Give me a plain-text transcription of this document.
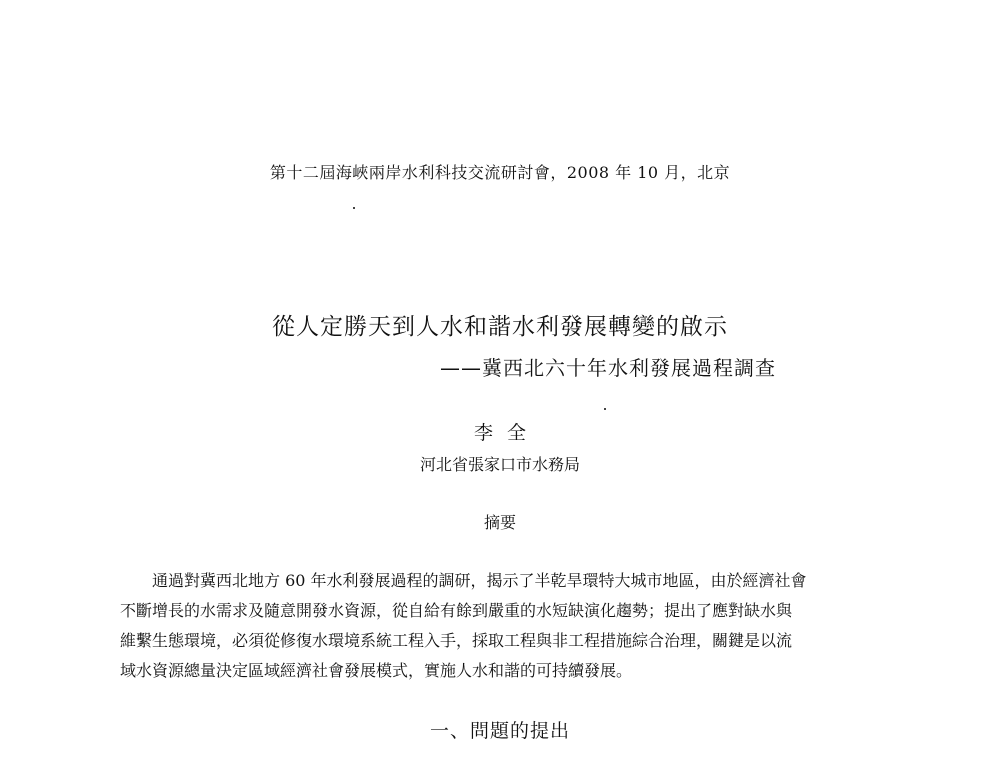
第十二屆海峽兩岸水利科技交流研討會，2008 年 10 月，北京
從人定勝天到人水和諧水利發展轉變的啟示
——冀西北六十年水利發展過程調查
李全
河北省張家口市水務局
摘要

　　通過對冀西北地方 60 年水利發展過程的調研，揭示了半乾旱環特大城市地區，由於經濟社會
不斷增長的水需求及隨意開發水資源，從自給有餘到嚴重的水短缺演化趨勢；提出了應對缺水與
維繫生態環境，必須從修復水環境系統工程入手，採取工程與非工程措施綜合治理，關鍵是以流
域水資源總量決定區域經濟社會發展模式，實施人水和諧的可持續發展。

一、問題的提出
